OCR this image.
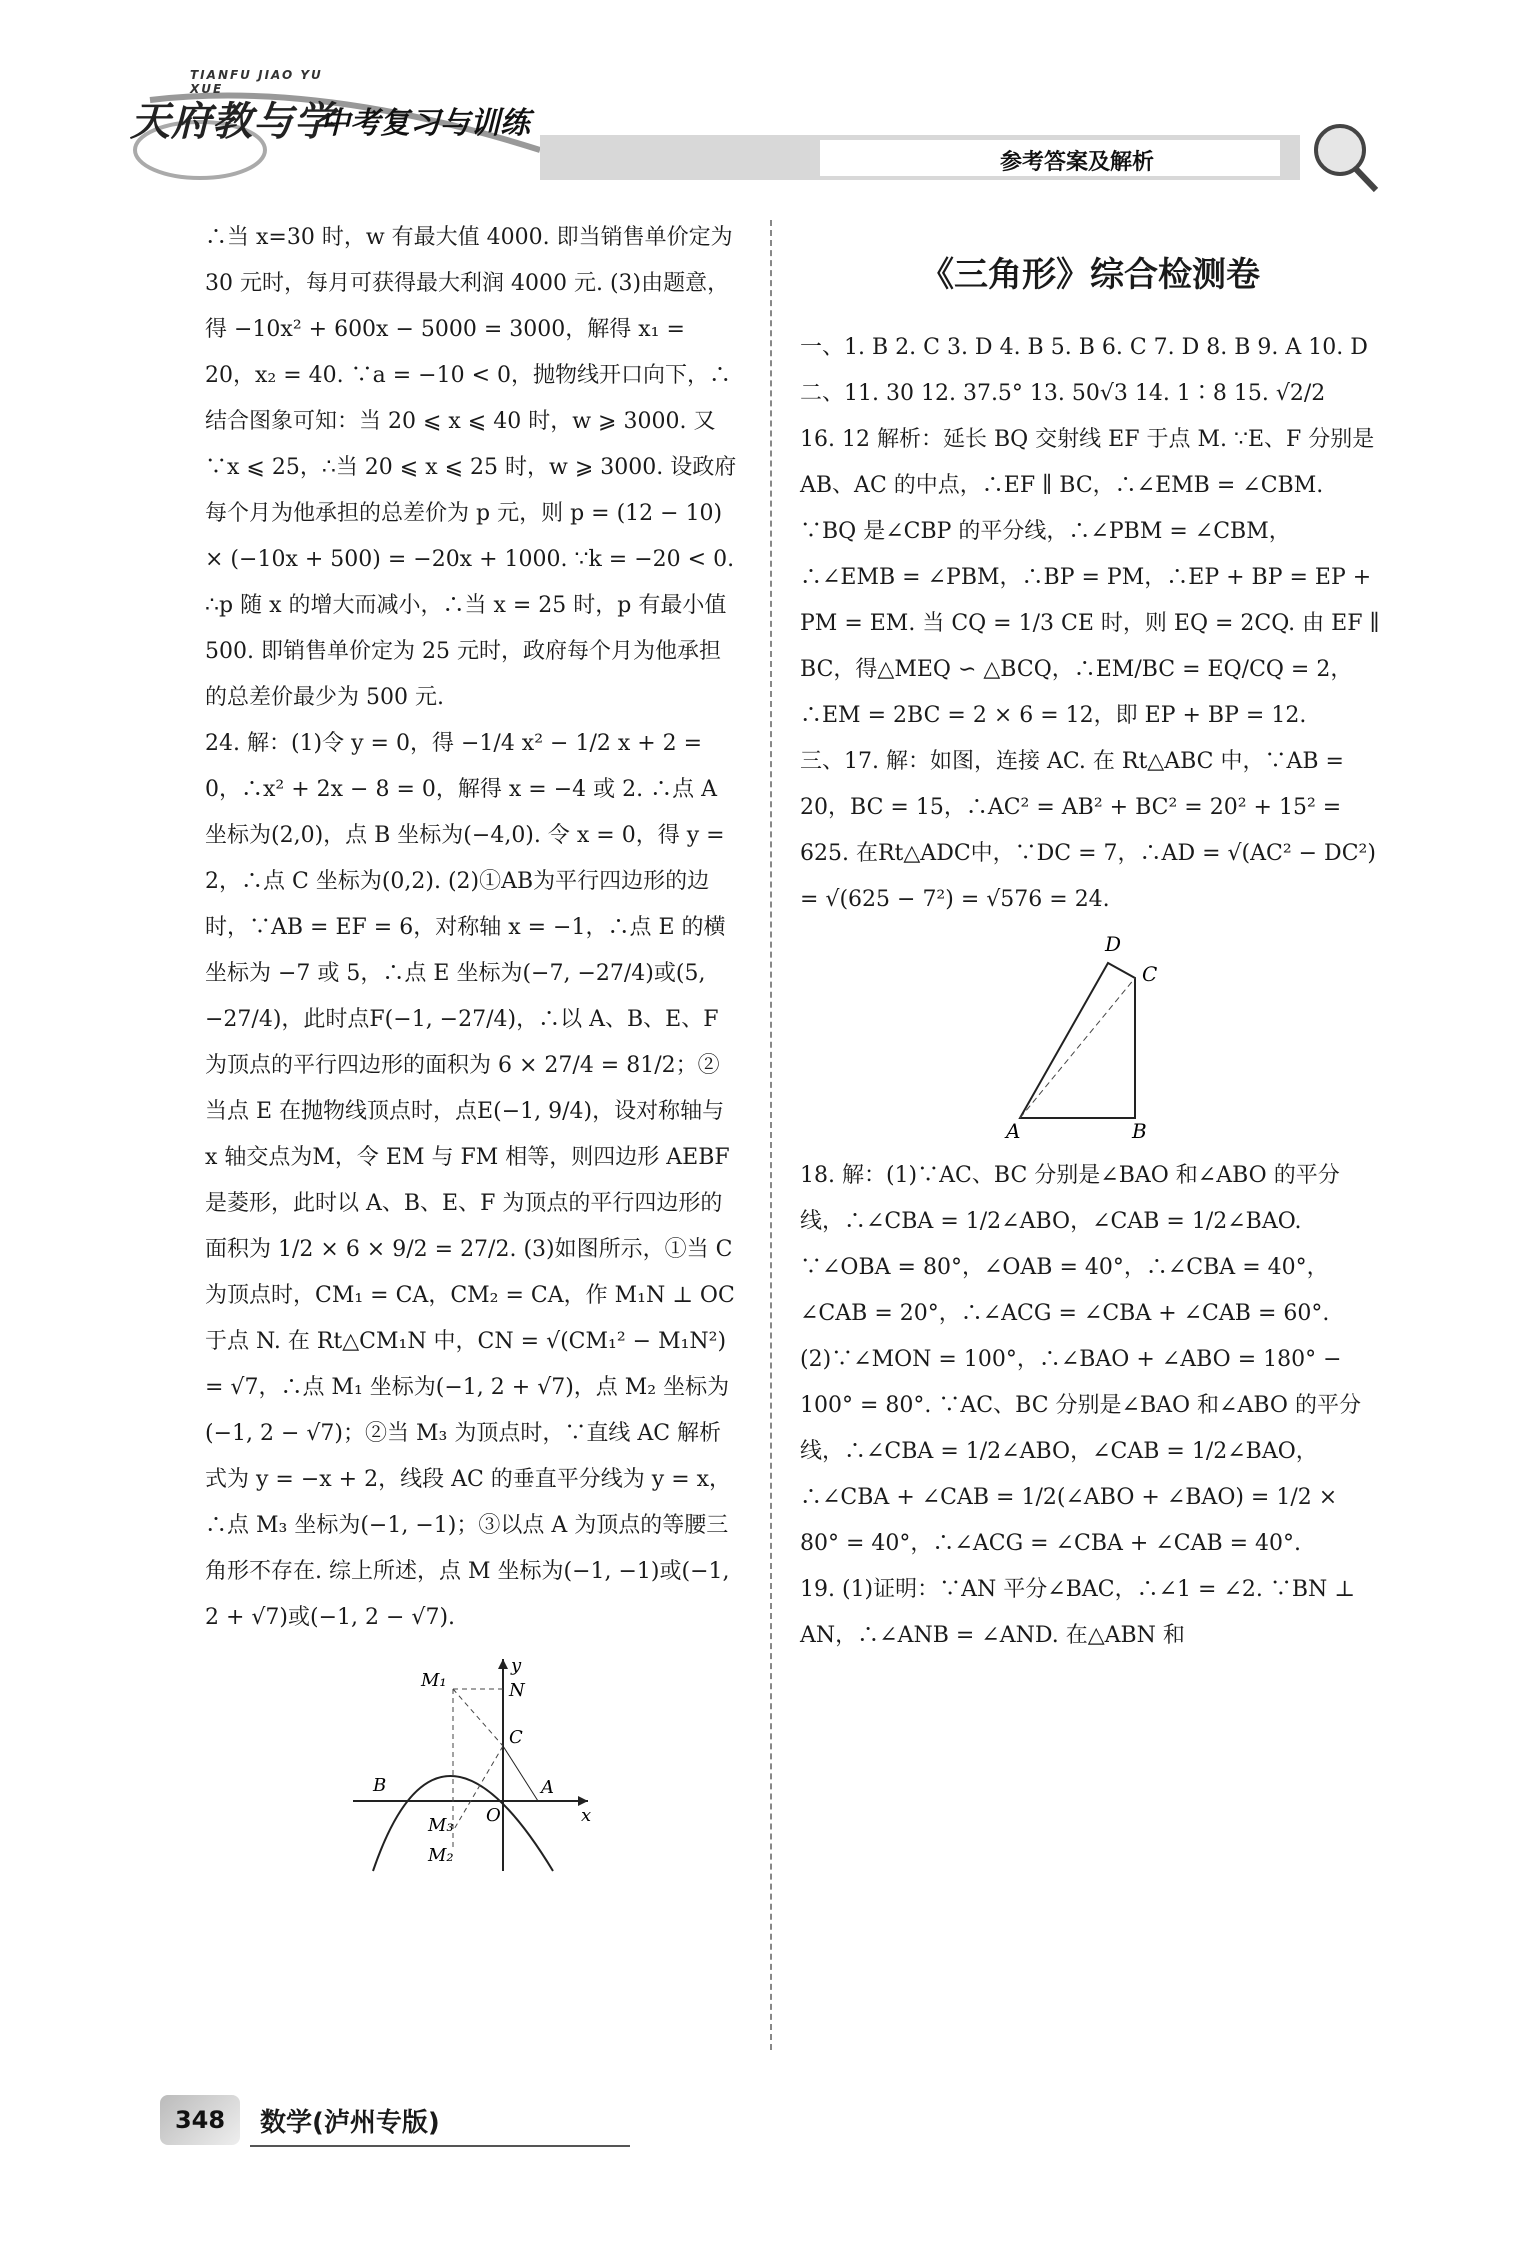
TIANFU JIAO YU XUE
天府教与学
中考复习与训练
参考答案及解析

∴当 x=30 时，w 有最大值 4000. 即当销售单价定为 30 元时，每月可获得最大利润 4000 元. (3)由题意，得 −10x² + 600x − 5000 = 3000，解得 x₁ = 20，x₂ = 40. ∵a = −10 < 0，抛物线开口向下，∴结合图象可知：当 20 ⩽ x ⩽ 40 时，w ⩾ 3000. 又∵x ⩽ 25，∴当 20 ⩽ x ⩽ 25 时，w ⩾ 3000. 设政府每个月为他承担的总差价为 p 元，则 p = (12 − 10) × (−10x + 500) = −20x + 1000. ∵k = −20 < 0. ∴p 随 x 的增大而减小，∴当 x = 25 时，p 有最小值 500. 即销售单价定为 25 元时，政府每个月为他承担的总差价最少为 500 元.

24. 解：(1)令 y = 0，得 −1/4 x² − 1/2 x + 2 = 0，∴x² + 2x − 8 = 0，解得 x = −4 或 2. ∴点 A 坐标为(2,0)，点 B 坐标为(−4,0). 令 x = 0，得 y = 2，∴点 C 坐标为(0,2). (2)①AB为平行四边形的边时，∵AB = EF = 6，对称轴 x = −1，∴点 E 的横坐标为 −7 或 5，∴点 E 坐标为(−7, −27/4)或(5, −27/4)，此时点F(−1, −27/4)，∴以 A、B、E、F 为顶点的平行四边形的面积为 6 × 27/4 = 81/2；②当点 E 在抛物线顶点时，点E(−1, 9/4)，设对称轴与 x 轴交点为M，令 EM 与 FM 相等，则四边形 AEBF 是菱形，此时以 A、B、E、F 为顶点的平行四边形的面积为 1/2 × 6 × 9/2 = 27/2. (3)如图所示，①当 C 为顶点时，CM₁ = CA，CM₂ = CA，作 M₁N ⊥ OC 于点 N. 在 Rt△CM₁N 中，CN = √(CM₁² − M₁N²) = √7，∴点 M₁ 坐标为(−1, 2 + √7)，点 M₂ 坐标为(−1, 2 − √7)；②当 M₃ 为顶点时，∵直线 AC 解析式为 y = −x + 2，线段 AC 的垂直平分线为 y = x，∴点 M₃ 坐标为(−1, −1)；③以点 A 为顶点的等腰三角形不存在. 综上所述，点 M 坐标为(−1, −1)或(−1, 2 + √7)或(−1, 2 − √7).

y
x
O
C
A
B
N
M₁
M₂
M₃
《三角形》综合检测卷

一、1. B 2. C 3. D 4. B 5. B 6. C 7. D 8. B 9. A 10. D

二、11. 30 12. 37.5° 13. 50√3 14. 1∶8 15. √2/2

16. 12 解析：延长 BQ 交射线 EF 于点 M. ∵E、F 分别是 AB、AC 的中点，∴EF ∥ BC，∴∠EMB = ∠CBM. ∵BQ 是∠CBP 的平分线，∴∠PBM = ∠CBM，∴∠EMB = ∠PBM，∴BP = PM，∴EP + BP = EP + PM = EM. 当 CQ = 1/3 CE 时，则 EQ = 2CQ. 由 EF ∥ BC，得△MEQ ∽ △BCQ，∴EM/BC = EQ/CQ = 2，∴EM = 2BC = 2 × 6 = 12，即 EP + BP = 12.

三、17. 解：如图，连接 AC. 在 Rt△ABC 中，∵AB = 20，BC = 15，∴AC² = AB² + BC² = 20² + 15² = 625. 在Rt△ADC中，∵DC = 7，∴AD = √(AC² − DC²) = √(625 − 7²) = √576 = 24.

D
C
A	B

18. 解：(1)∵AC、BC 分别是∠BAO 和∠ABO 的平分线，∴∠CBA = 1/2∠ABO，∠CAB = 1/2∠BAO. ∵∠OBA = 80°，∠OAB = 40°，∴∠CBA = 40°，∠CAB = 20°，∴∠ACG = ∠CBA + ∠CAB = 60°. (2)∵∠MON = 100°，∴∠BAO + ∠ABO = 180° − 100° = 80°. ∵AC、BC 分别是∠BAO 和∠ABO 的平分线，∴∠CBA = 1/2∠ABO，∠CAB = 1/2∠BAO，∴∠CBA + ∠CAB = 1/2(∠ABO + ∠BAO) = 1/2 × 80° = 40°，∴∠ACG = ∠CBA + ∠CAB = 40°.

19. (1)证明：∵AN 平分∠BAC，∴∠1 = ∠2. ∵BN ⊥ AN，∴∠ANB = ∠AND. 在△ABN 和

348	数学(泸州专版)
